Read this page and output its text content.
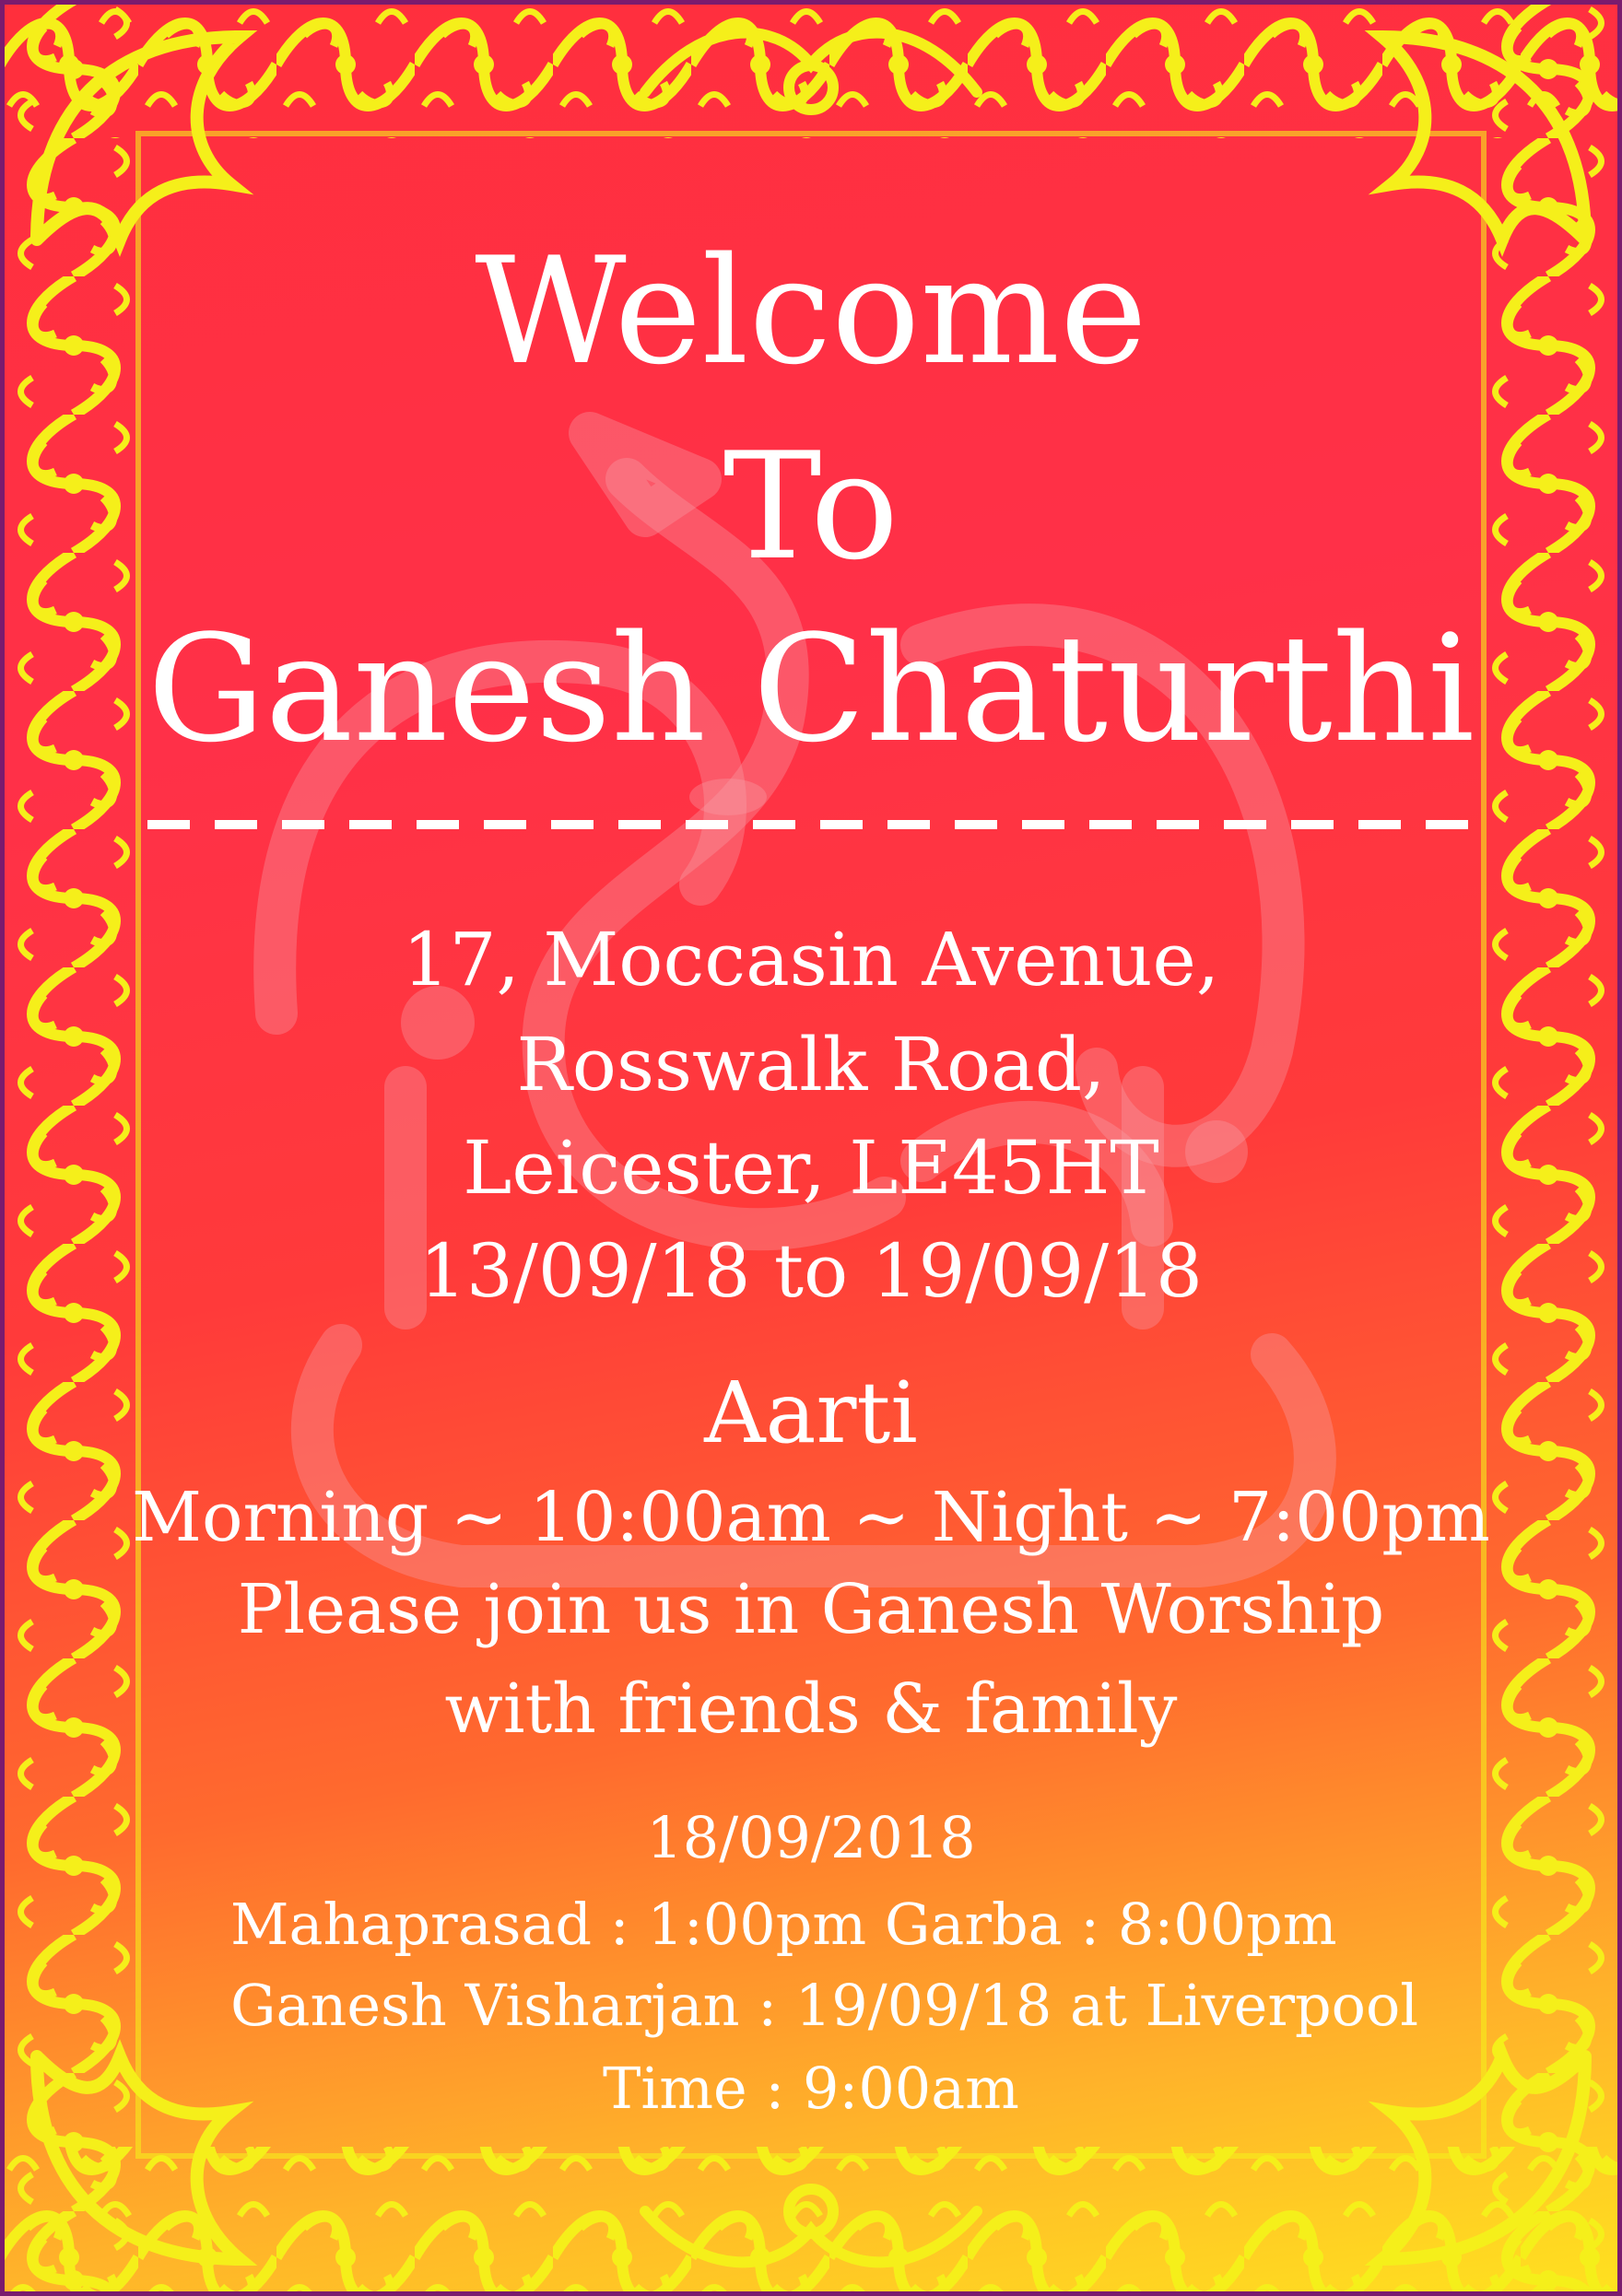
Welcome
To
Ganesh Chaturthi
17, Moccasin Avenue,
Rosswalk Road,
Leicester, LE45HT
13/09/18 to 19/09/18
Aarti
Morning ~ 10:00am ~ Night ~ 7:00pm
Please join us in Ganesh Worship
with friends & family
18/09/2018
Mahaprasad : 1:00pm Garba : 8:00pm
Ganesh Visharjan : 19/09/18 at Liverpool
Time : 9:00am
